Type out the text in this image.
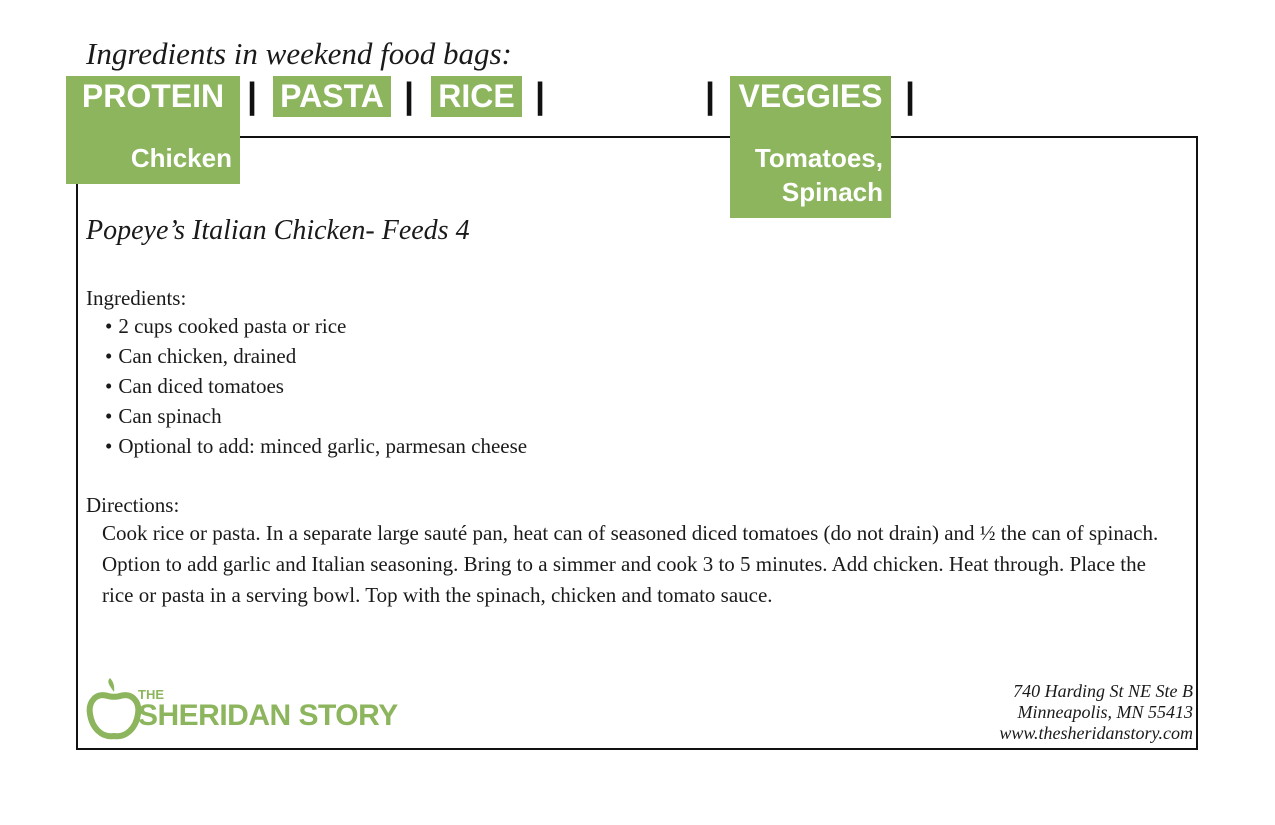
Ingredients in weekend food bags:
Chicken	Tomatoes,
Spinach
PROTEIN | PASTA | RICE |	| VEGGIES |
Popeye’s Italian Chicken- Feeds 4
Ingredients:
• 2 cups cooked pasta or rice
• Can chicken, drained
• Can diced tomatoes
• Can spinach
• Optional to add: minced garlic, parmesan cheese
Directions:

Cook rice or pasta. In a separate large sauté pan, heat can of seasoned diced tomatoes (do not drain) and ½ the can of spinach. Option to add garlic and Italian seasoning. Bring to a simmer and cook 3 to 5 minutes. Add chicken. Heat through. Place the rice or pasta in a serving bowl. Top with the spinach, chicken and tomato sauce.

THE
SHERIDAN STORY
740 Harding St NE Ste B
Minneapolis, MN 55413
www.thesheridanstory.com
